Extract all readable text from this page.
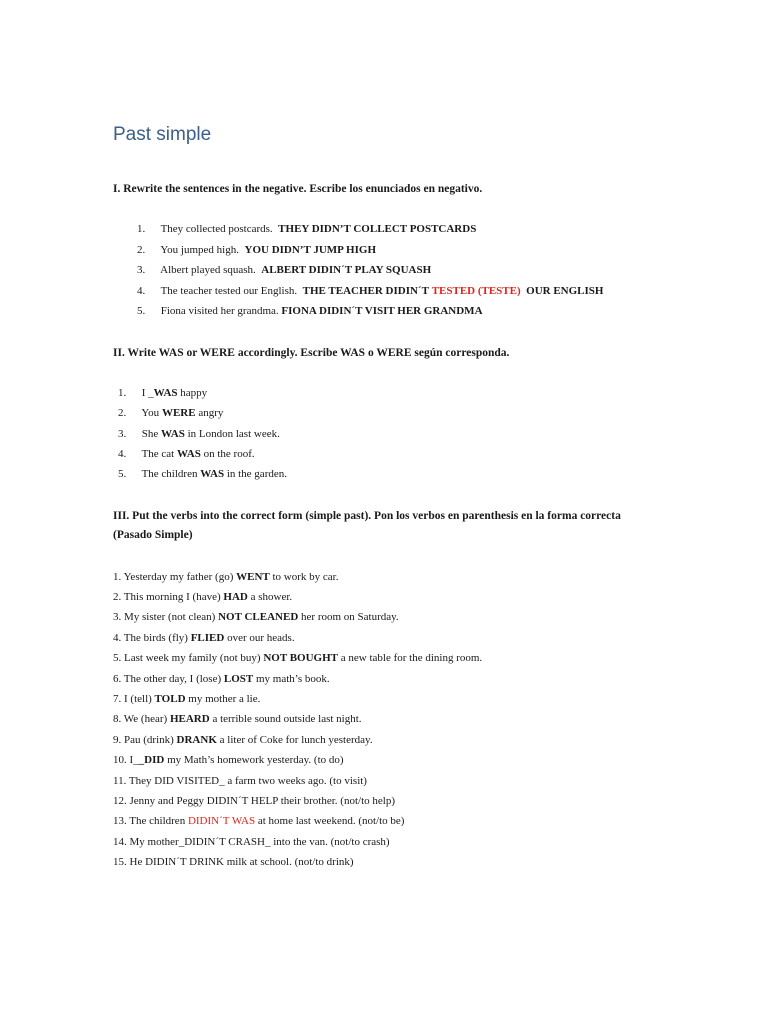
Past simple

I. Rewrite the sentences in the negative. Escribe los enunciados en negativo.

1. They collected postcards. THEY DIDN’T COLLECT POSTCARDS

2. You jumped high. YOU DIDN’T JUMP HIGH

3. Albert played squash. ALBERT DIDIN´T PLAY SQUASH

4. The teacher tested our English. THE TEACHER DIDIN´T TESTED (TESTE) OUR ENGLISH

5. Fiona visited her grandma. FIONA DIDIN´T VISIT HER GRANDMA

II. Write WAS or WERE accordingly. Escribe WAS o WERE según corresponda.

1. I _WAS happy

2. You WERE angry

3. She WAS in London last week.

4. The cat WAS on the roof.

5. The children WAS in the garden.

III. Put the verbs into the correct form (simple past). Pon los verbos en parenthesis en la forma correcta

(Pasado Simple)

1. Yesterday my father (go) WENT to work by car.

2. This morning I (have) HAD a shower.

3. My sister (not clean) NOT CLEANED her room on Saturday.

4. The birds (fly) FLIED over our heads.

5. Last week my family (not buy) NOT BOUGHT a new table for the dining room.

6. The other day, I (lose) LOST my math’s book.

7. I (tell) TOLD my mother a lie.

8. We (hear) HEARD a terrible sound outside last night.

9. Pau (drink) DRANK a liter of Coke for lunch yesterday.

10. I__DID my Math’s homework yesterday. (to do)

11. They DID VISITED_ a farm two weeks ago. (to visit)

12. Jenny and Peggy DIDIN´T HELP their brother. (not/to help)

13. The children DIDIN´T WAS at home last weekend. (not/to be)

14. My mother_DIDIN´T CRASH_ into the van. (not/to crash)

15. He DIDIN´T DRINK milk at school. (not/to drink)
